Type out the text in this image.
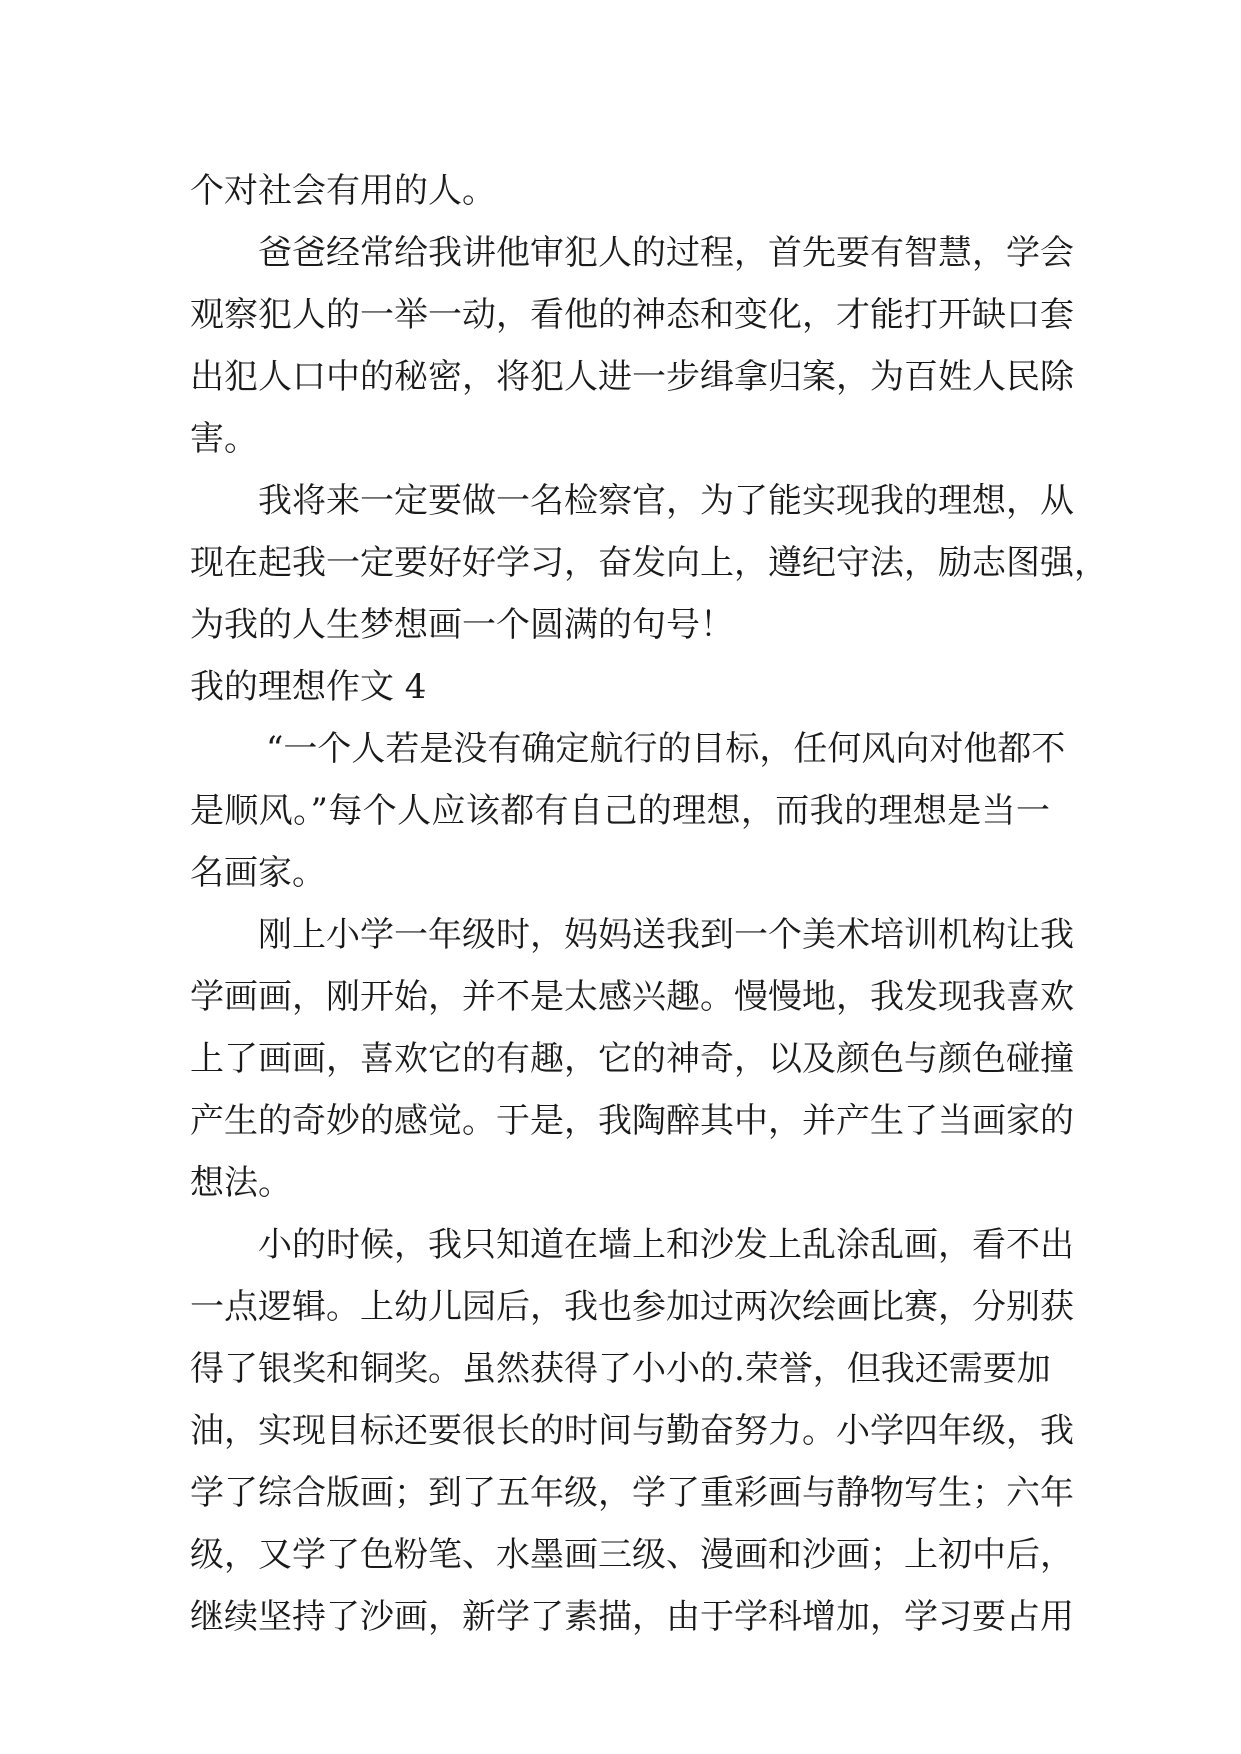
个对社会有用的人。
爸爸经常给我讲他审犯人的过程，首先要有智慧，学会
观察犯人的一举一动，看他的神态和变化，才能打开缺口套
出犯人口中的秘密，将犯人进一步缉拿归案，为百姓人民除
害。
我将来一定要做一名检察官，为了能实现我的理想，从
现在起我一定要好好学习，奋发向上，遵纪守法，励志图强，
为我的人生梦想画一个圆满的句号！
我的理想作文 4
“一个人若是没有确定航行的目标，任何风向对他都不
是顺风。”每个人应该都有自己的理想，而我的理想是当一
名画家。
刚上小学一年级时，妈妈送我到一个美术培训机构让我
学画画，刚开始，并不是太感兴趣。慢慢地，我发现我喜欢
上了画画，喜欢它的有趣，它的神奇，以及颜色与颜色碰撞
产生的奇妙的感觉。于是，我陶醉其中，并产生了当画家的
想法。
小的时候，我只知道在墙上和沙发上乱涂乱画，看不出
一点逻辑。上幼儿园后，我也参加过两次绘画比赛，分别获
得了银奖和铜奖。虽然获得了小小的.荣誉，但我还需要加
油，实现目标还要很长的时间与勤奋努力。小学四年级，我
学了综合版画；到了五年级，学了重彩画与静物写生；六年
级，又学了色粉笔、水墨画三级、漫画和沙画；上初中后，
继续坚持了沙画，新学了素描，由于学科增加，学习要占用
